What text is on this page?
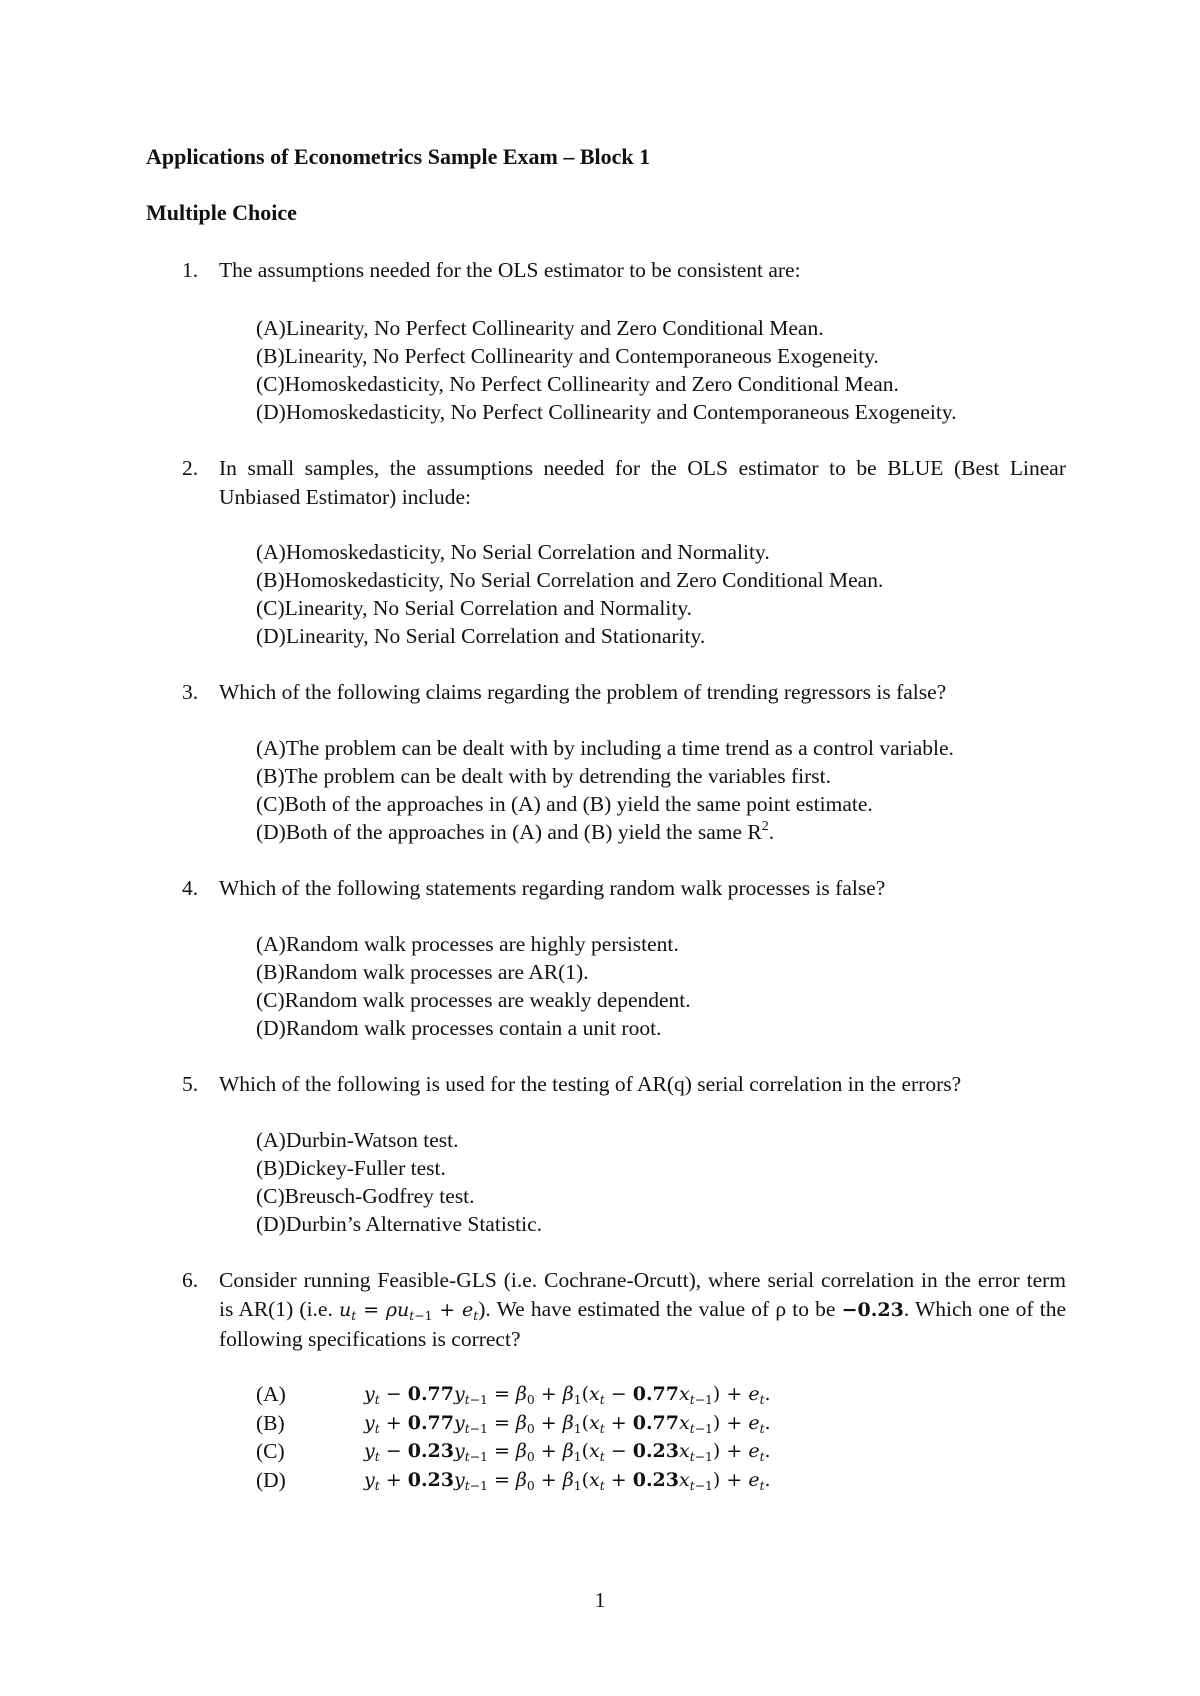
Applications of Econometrics Sample Exam – Block 1
Multiple Choice
1. The assumptions needed for the OLS estimator to be consistent are:
(A)Linearity, No Perfect Collinearity and Zero Conditional Mean.
(B)Linearity, No Perfect Collinearity and Contemporaneous Exogeneity.
(C)Homoskedasticity, No Perfect Collinearity and Zero Conditional Mean.
(D)Homoskedasticity, No Perfect Collinearity and Contemporaneous Exogeneity.
2. In small samples, the assumptions needed for the OLS estimator to be BLUE (Best Linear Unbiased Estimator) include:
(A)Homoskedasticity, No Serial Correlation and Normality.
(B)Homoskedasticity, No Serial Correlation and Zero Conditional Mean.
(C)Linearity, No Serial Correlation and Normality.
(D)Linearity, No Serial Correlation and Stationarity.
3. Which of the following claims regarding the problem of trending regressors is false?
(A)The problem can be dealt with by including a time trend as a control variable.
(B)The problem can be dealt with by detrending the variables first.
(C)Both of the approaches in (A) and (B) yield the same point estimate.
(D)Both of the approaches in (A) and (B) yield the same $R^2$.
4. Which of the following statements regarding random walk processes is false?
(A)Random walk processes are highly persistent.
(B)Random walk processes are AR(1).
(C)Random walk processes are weakly dependent.
(D)Random walk processes contain a unit root.
5. Which of the following is used for the testing of AR(q) serial correlation in the errors?
(A)Durbin-Watson test.
(B)Dickey-Fuller test.
(C)Breusch-Godfrey test.
(D)Durbin’s Alternative Statistic.
6. Consider running Feasible-GLS (i.e. Cochrane-Orcutt), where serial correlation in the error term is AR(1) (i.e. $u_t = \rho u_{t-1} + e_t$). We have estimated the value of ρ to be −0.23. Which one of the following specifications is correct?
(A)	$y_t - 0.77y_{t-1} = \beta_0 + \beta_1(x_t - 0.77x_{t-1}) + e_t$.
(B)	$y_t + 0.77y_{t-1} = \beta_0 + \beta_1(x_t + 0.77x_{t-1}) + e_t$.
(C)	$y_t - 0.23y_{t-1} = \beta_0 + \beta_1(x_t - 0.23x_{t-1}) + e_t$.
(D)	$y_t + 0.23y_{t-1} = \beta_0 + \beta_1(x_t + 0.23x_{t-1}) + e_t$.
1
